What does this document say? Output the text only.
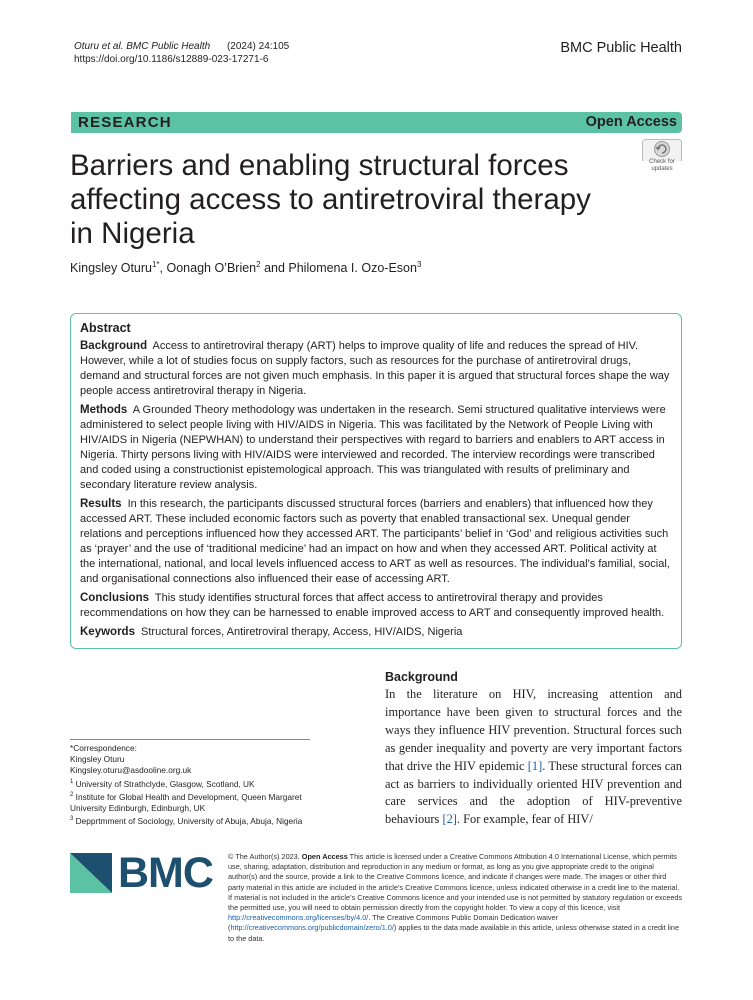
Oturu et al. BMC Public Health (2024) 24:105
https://doi.org/10.1186/s12889-023-17271-6
BMC Public Health
RESEARCH	Open Access
Barriers and enabling structural forces affecting access to antiretroviral therapy in Nigeria
Check for updates
Kingsley Oturu$^{1*}$, Oonagh O’Brien$^2$ and Philomena I. Ozo‑Eson$^3$
Abstract

Background Access to antiretroviral therapy (ART) helps to improve quality of life and reduces the spread of HIV. However, while a lot of studies focus on supply factors, such as resources for the purchase of antiretroviral drugs, demand and structural forces are not given much emphasis. In this paper it is argued that structural forces shape the way people access antiretroviral therapy in Nigeria.

Methods A Grounded Theory methodology was undertaken in the research. Semi structured qualitative interviews were administered to select people living with HIV/AIDS in Nigeria. This was facilitated by the Network of People Living with HIV/AIDS in Nigeria (NEPWHAN) to understand their perspectives with regard to barriers and enablers to ART access in Nigeria. Thirty persons living with HIV/AIDS were interviewed and recorded. The interview recordings were transcribed and coded using a constructionist epistemological approach. This was triangulated with results of preliminary and secondary literature review analysis.

Results In this research, the participants discussed structural forces (barriers and enablers) that influenced how they accessed ART. These included economic factors such as poverty that enabled transactional sex. Unequal gender relations and perceptions influenced how they accessed ART. The participants’ belief in ‘God’ and religious activities such as ‘prayer’ and the use of ‘traditional medicine’ had an impact on how and when they accessed ART. Political activity at the international, national, and local levels influenced access to ART as well as resources. The individual’s familial, social, and organisational connections also influenced their ease of accessing ART.

Conclusions This study identifies structural forces that affect access to antiretroviral therapy and provides recommendations on how they can be harnessed to enable improved access to ART and consequently improved health.

Keywords Structural forces, Antiretroviral therapy, Access, HIV/AIDS, Nigeria

*Correspondence:
Kingsley Oturu
Kingsley.oturu@asdooline.org.uk
$^1$ University of Strathclyde, Glasgow, Scotland, UK
$^2$ Institute for Global Health and Development, Queen Margaret University Edinburgh, Edinburgh, UK
$^3$ Depprtmment of Sociology, University of Abuja, Abuja, Nigeria
Background

In the literature on HIV, increasing attention and importance have been given to structural forces and the ways they influence HIV prevention. Structural forces such as gender inequality and poverty are very important factors that drive the HIV epidemic [1]. These structural forces can act as barriers to individually oriented HIV prevention and care services and the adoption of HIV-preventive behaviours [2]. For example, fear of HIV/

BMC © The Author(s) 2023. Open Access This article is licensed under a Creative Commons Attribution 4.0 International License, which permits use, sharing, adaptation, distribution and reproduction in any medium or format, as long as you give appropriate credit to the original author(s) and the source, provide a link to the Creative Commons licence, and indicate if changes were made. The images or other third party material in this article are included in the article’s Creative Commons licence, unless indicated otherwise in a credit line to the material. If material is not included in the article’s Creative Commons licence and your intended use is not permitted by statutory regulation or exceeds the permitted use, you will need to obtain permission directly from the copyright holder. To view a copy of this licence, visit http://creativecommons.org/licenses/by/4.0/. The Creative Commons Public Domain Dedication waiver (http://creativecommons.org/publicdomain/zero/1.0/) applies to the data made available in this article, unless otherwise stated in a credit line to the data.
